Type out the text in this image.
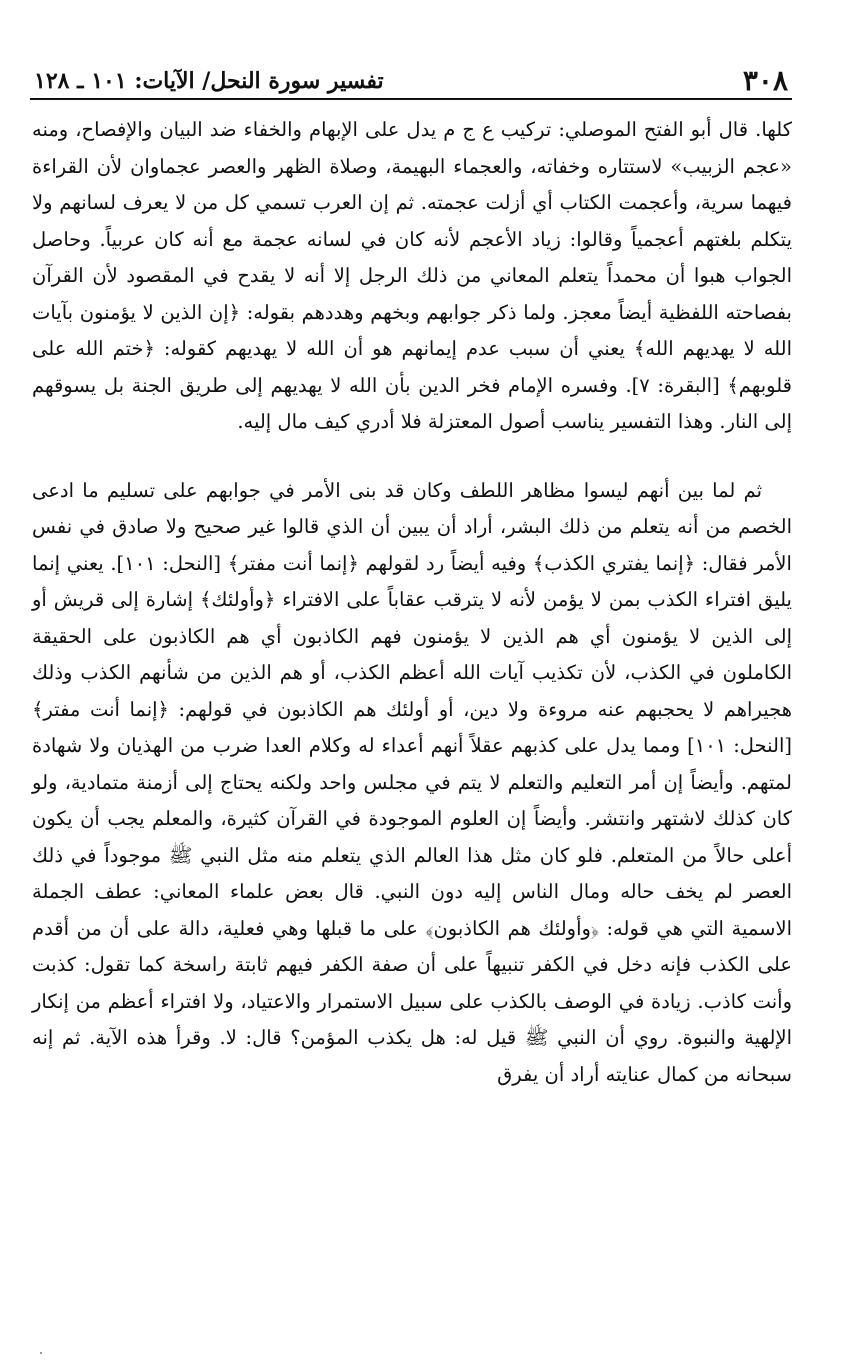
٣٠٨
تفسير سورة النحل/ الآيات: ١٠١ ـ ١٢٨

كلها. قال أبو الفتح الموصلي: تركيب ع ج م يدل على الإبهام والخفاء ضد البيان والإفصاح، ومنه «عجم الزبيب» لاستتاره وخفاته، والعجماء البهيمة، وصلاة الظهر والعصر عجماوان لأن القراءة فيهما سرية، وأعجمت الكتاب أي أزلت عجمته. ثم إن العرب تسمي كل من لا يعرف لسانهم ولا يتكلم بلغتهم أعجمياً وقالوا: زياد الأعجم لأنه كان في لسانه عجمة مع أنه كان عربياً. وحاصل الجواب هبوا أن محمداً يتعلم المعاني من ذلك الرجل إلا أنه لا يقدح في المقصود لأن القرآن بفصاحته اللفظية أيضاً معجز. ولما ذكر جوابهم وبخهم وهددهم بقوله: ﴿إن الذين لا يؤمنون بآيات الله لا يهديهم الله﴾ يعني أن سبب عدم إيمانهم هو أن الله لا يهديهم كقوله: ﴿ختم الله على قلوبهم﴾ [البقرة: ٧]. وفسره الإمام فخر الدين بأن الله لا يهديهم إلى طريق الجنة بل يسوقهم إلى النار. وهذا التفسير يناسب أصول المعتزلة فلا أدري كيف مال إليه.

ثم لما بين أنهم ليسوا مظاهر اللطف وكان قد بنى الأمر في جوابهم على تسليم ما ادعى الخصم من أنه يتعلم من ذلك البشر، أراد أن يبين أن الذي قالوا غير صحيح ولا صادق في نفس الأمر فقال: ﴿إنما يفتري الكذب﴾ وفيه أيضاً رد لقولهم ﴿إنما أنت مفتر﴾ [النحل: ١٠١]. يعني إنما يليق افتراء الكذب بمن لا يؤمن لأنه لا يترقب عقاباً على الافتراء ﴿وأولئك﴾ إشارة إلى قريش أو إلى الذين لا يؤمنون أي هم الذين لا يؤمنون فهم الكاذبون أي هم الكاذبون على الحقيقة الكاملون في الكذب، لأن تكذيب آيات الله أعظم الكذب، أو هم الذين من شأنهم الكذب وذلك هجيراهم لا يحجبهم عنه مروءة ولا دين، أو أولئك هم الكاذبون في قولهم: ﴿إنما أنت مفتر﴾ [النحل: ١٠١] ومما يدل على كذبهم عقلاً أنهم أعداء له وكلام العدا ضرب من الهذيان ولا شهادة لمتهم. وأيضاً إن أمر التعليم والتعلم لا يتم في مجلس واحد ولكنه يحتاج إلى أزمنة متمادية، ولو كان كذلك لاشتهر وانتشر. وأيضاً إن العلوم الموجودة في القرآن كثيرة، والمعلم يجب أن يكون أعلى حالاً من المتعلم. فلو كان مثل هذا العالم الذي يتعلم منه مثل النبي ﷺ موجوداً في ذلك العصر لم يخف حاله ومال الناس إليه دون النبي. قال بعض علماء المعاني: عطف الجملة الاسمية التي هي قوله: ﴿وأولئك هم الكاذبون﴾ على ما قبلها وهي فعلية، دالة على أن من أقدم على الكذب فإنه دخل في الكفر تنبيهاً على أن صفة الكفر فيهم ثابتة راسخة كما تقول: كذبت وأنت كاذب. زيادة في الوصف بالكذب على سبيل الاستمرار والاعتياد، ولا افتراء أعظم من إنكار الإلهية والنبوة. روي أن النبي ﷺ قيل له: هل يكذب المؤمن؟ قال: لا. وقرأ هذه الآية. ثم إنه سبحانه من كمال عنايته أراد أن يفرق
